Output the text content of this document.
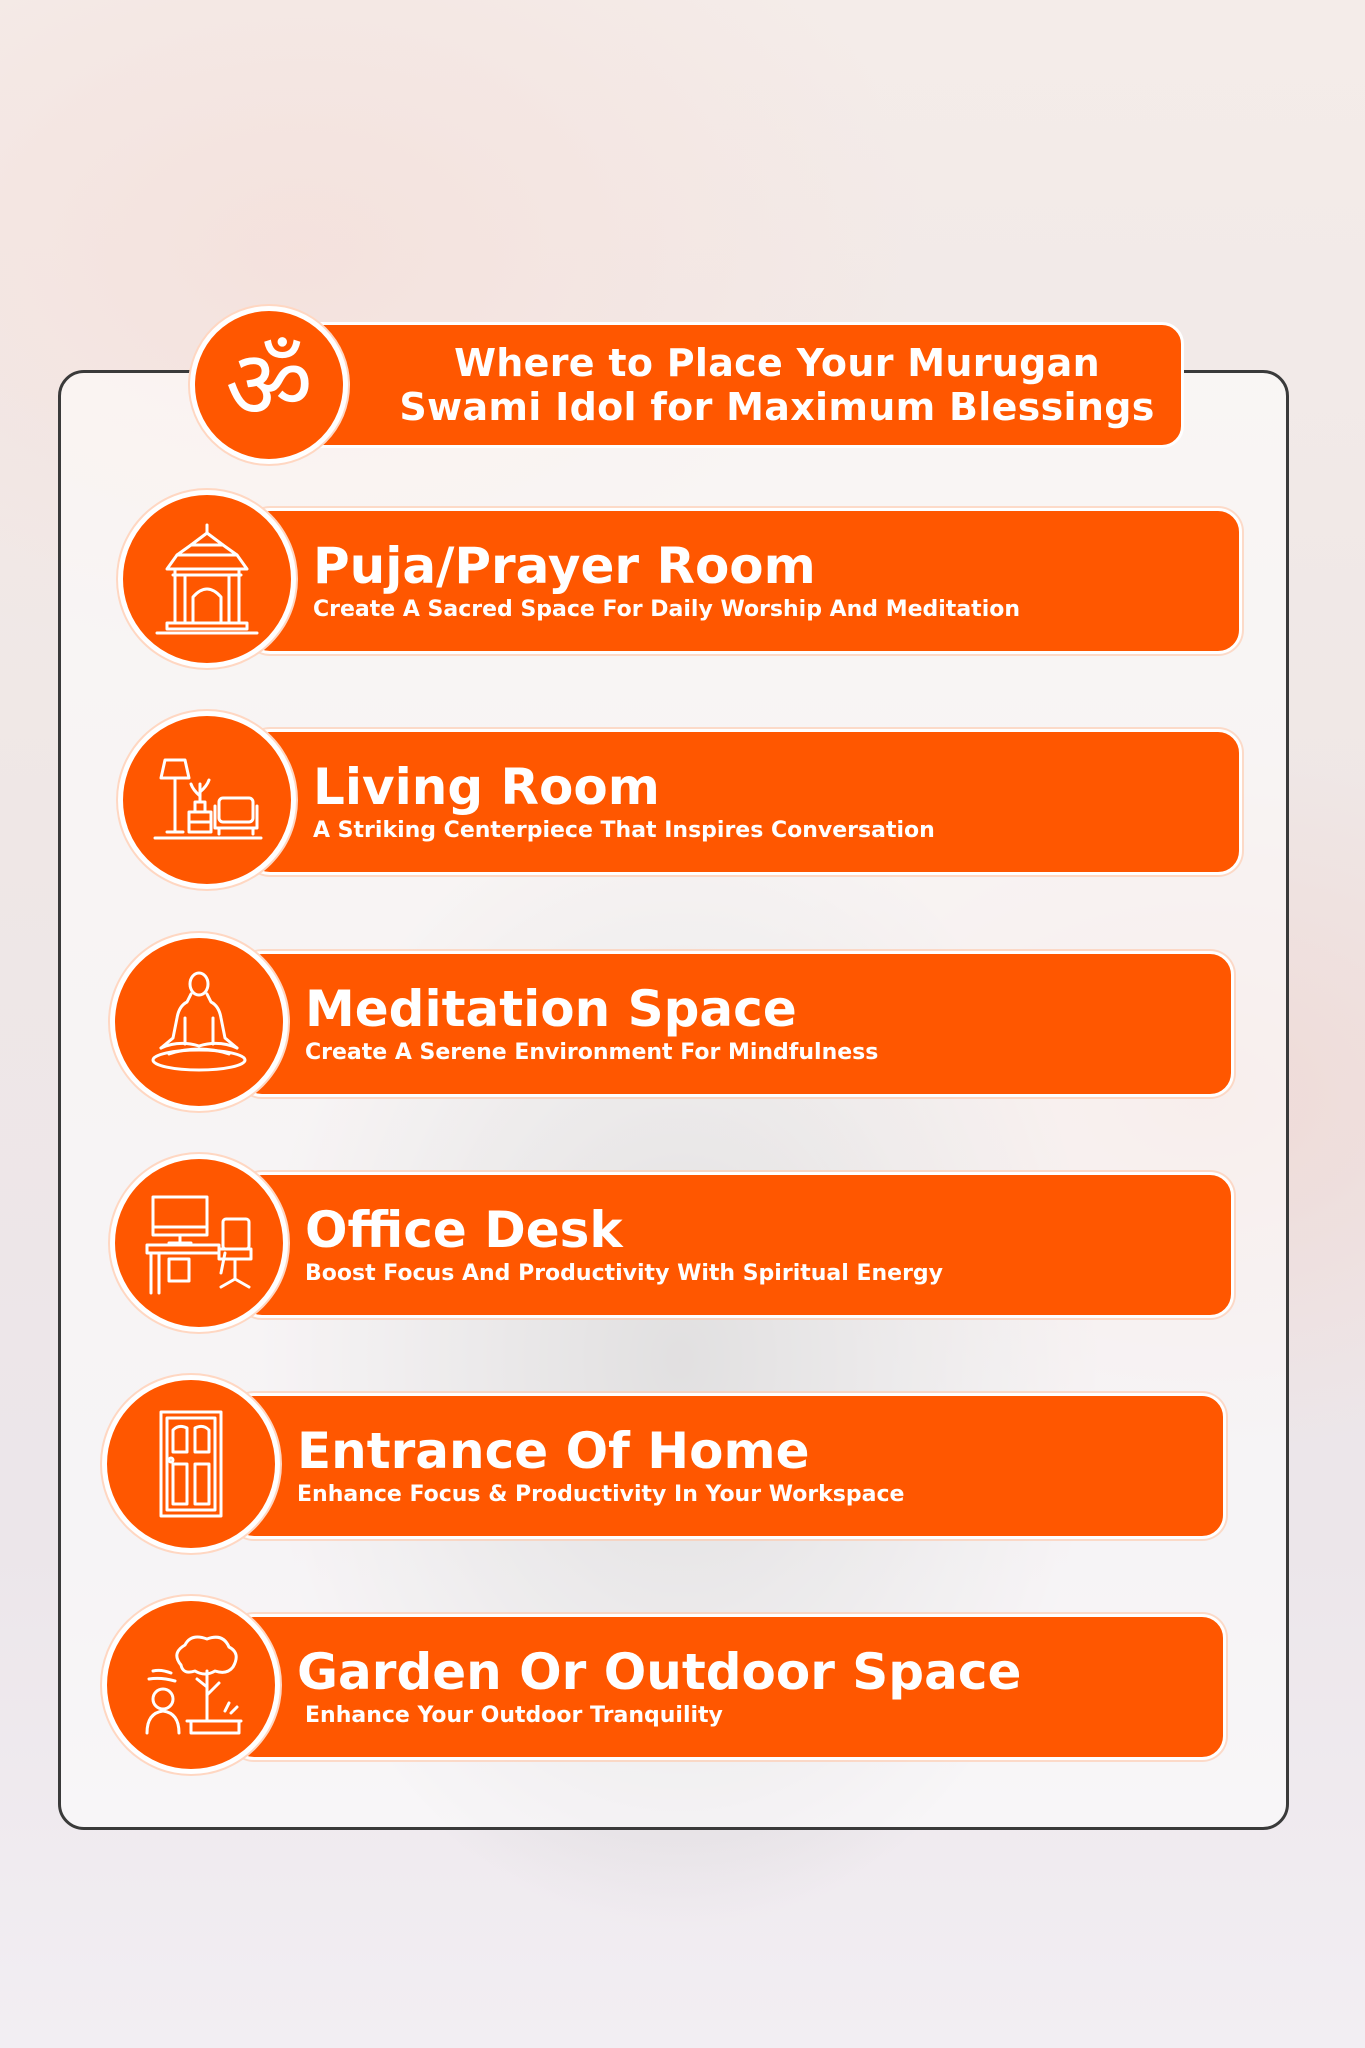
Where to Place Your Murugan
Swami Idol for Maximum Blessings
ॐ
Puja/Prayer Room
Create A Sacred Space For Daily Worship And Meditation
Living Room
A Striking Centerpiece That Inspires Conversation
Meditation Space
Create A Serene Environment For Mindfulness
Office Desk
Boost Focus And Productivity With Spiritual Energy
Entrance Of Home
Enhance Focus & Productivity In Your Workspace
Garden Or Outdoor Space
Enhance Your Outdoor Tranquility
